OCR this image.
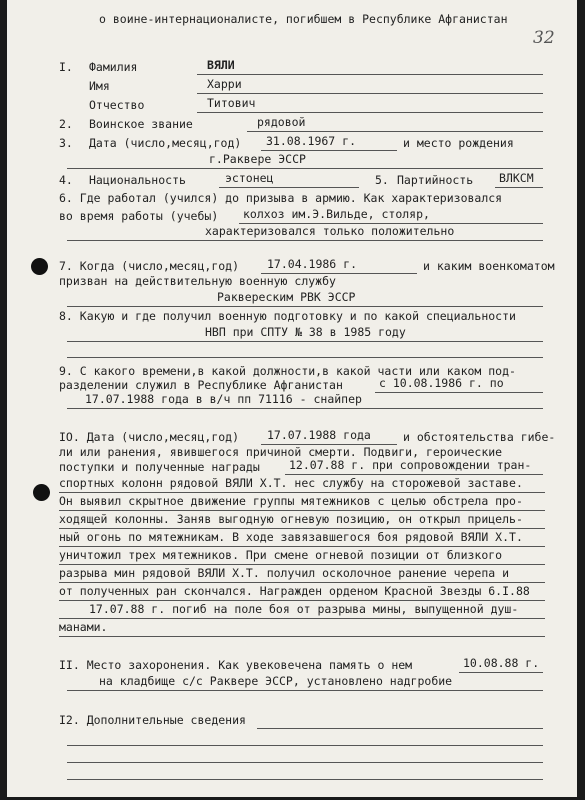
о воине-интернационалисте, погибшем в Республике Афганистан
32
I. Фамилия	ВЯЛИ
Имя	Харри
Отчество	Титович
2. Воинское звание	рядовой
3. Дата (число,месяц,год) 31.08.1967 г.	и место рождения
г.Раквере ЭССР
4. Национальность	эстонец	5. Партийность ВЛКСМ
6. Где работал (учился) до призыва в армию. Как характеризовался
во время работы (учебы) колхоз им.Э.Вильде, столяр,
характеризовался только положительно
7. Когда (число,месяц,год) 17.04.1986 г.	и каким военкоматом
призван на действительную военную службу
Раквереским РВК ЭССР
8. Какую и где получил военную подготовку и по какой специальности
НВП при СПТУ № 38 в 1985 году
9. С какого времени,в какой должности,в какой части или каком под-
разделении служил в Республике Афганистан	с 10.08.1986 г. по
17.07.1988 года в в/ч пп 71116 - снайпер
IO. Дата (число,месяц,год) 17.07.1988 года	и обстоятельства гибе-
ли или ранения, явившегося причиной смерти. Подвиги, героические
поступки и полученные награды	12.07.88 г. при сопровождении тран-
спортных колонн рядовой ВЯЛИ Х.Т. нес службу на сторожевой заставе.
Он выявил скрытное движение группы мятежников с целью обстрела про-
ходящей колонны. Заняв выгодную огневую позицию, он открыл прицель-
ный огонь по мятежникам. В ходе завязавшегося боя рядовой ВЯЛИ Х.Т.
уничтожил трех мятежников. При смене огневой позиции от близкого
разрыва мин рядовой ВЯЛИ Х.Т. получил осколочное ранение черепа и
от полученных ран скончался. Награжден орденом Красной Звезды 6.I.88
17.07.88 г. погиб на поле боя от разрыва мины, выпущенной душ-
манами.
II. Место захоронения. Как увековечена память о нем	10.08.88 г.
на кладбище с/с Раквере ЭССР, установлено надгробие
I2. Дополнительные сведения
